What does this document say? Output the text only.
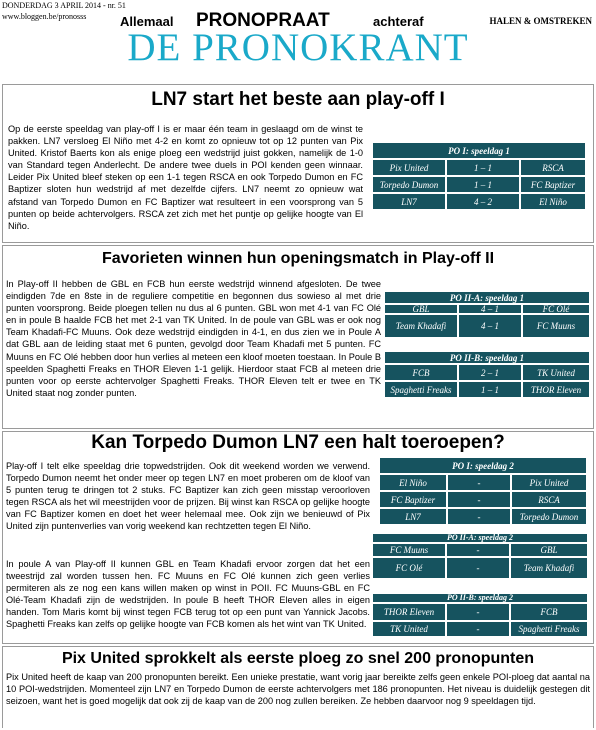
DONDERDAG 3 APRIL 2014 - nr. 51
www.bloggen.be/pronosss	Allemaal PRONOPRAAT	achteraf	HALEN & OMSTREKEN
DE PRONOKRANT
LN7 start het beste aan play-off I
Op de eerste speeldag van play-off I is er maar één team in geslaagd om de winst te pakken. LN7 versloeg El Niño met 4-2 en komt zo opnieuw tot op 12 punten van Pix United. Kristof Baerts kon als enige ploeg een wedstrijd juist gokken, namelijk de 1-0 van Standard tegen Anderlecht. De andere twee duels in POI kenden geen winnaar. Leider Pix United bleef steken op een 1-1 tegen RSCA en ook Torpedo Dumon en FC Baptizer sloten hun wedstrijd af met dezelfde cijfers. LN7 neemt zo opnieuw wat afstand van Torpedo Dumon en FC Baptizer wat resulteert in een voorsprong van 5 punten op beide achtervolgers. RSCA zet zich met het puntje op gelijke hoogte van El Niño.
PO I: speeldag 1		
Pix United	1 – 1	RSCA
Torpedo Dumon	1 – 1	FC Baptizer
LN7	4 – 2	El Niño
Favorieten winnen hun openingsmatch in Play-off II
In Play-off II hebben de GBL en FCB hun eerste wedstrijd winnend afgesloten. De twee eindigden 7de en 8ste in de reguliere competitie en begonnen dus sowieso al met drie punten voorsprong. Beide ploegen tellen nu dus al 6 punten. GBL won met 4-1 van FC Olé en in poule B haalde FCB het met 2-1 van TK United. In de poule van GBL was er ook nog Team Khadafi-FC Muuns. Ook deze wedstrijd eindigden in 4-1, en dus zien we in Poule A dat GBL aan de leiding staat met 6 punten, gevolgd door Team Khadafi met 5 punten. FC Muuns en FC Olé hebben door hun verlies al meteen een kloof moeten toestaan. In Poule B speelden Spaghetti Freaks en THOR Eleven 1-1 gelijk. Hierdoor staat FCB al meteen drie punten voor op eerste achtervolger Spaghetti Freaks. THOR Eleven telt er twee en TK United staat nog zonder punten.
PO II-A: speeldag 1		
GBL	4 – 1	FC Olé
Team Khadafi	4 – 1	FC Muuns
PO II-B: speeldag 1		
FCB	2 – 1	TK United
Spaghetti Freaks	1 – 1	THOR Eleven
Kan Torpedo Dumon LN7 een halt toeroepen?
Play-off I telt elke speeldag drie topwedstrijden. Ook dit weekend worden we verwend. Torpedo Dumon neemt het onder meer op tegen LN7 en moet proberen om de kloof van 5 punten terug te dringen tot 2 stuks. FC Baptizer kan zich geen misstap veroorloven tegen RSCA als het wil meestrijden voor de prijzen. Bij winst kan RSCA op gelijke hoogte van FC Baptizer komen en doet het weer helemaal mee. Ook zijn we benieuwd of Pix United zijn puntenverlies van vorig weekend kan rechtzetten tegen El Niño.
In poule A van Play-off II kunnen GBL en Team Khadafi ervoor zorgen dat het een tweestrijd zal worden tussen hen. FC Muuns en FC Olé kunnen zich geen verlies permiteren als ze nog een kans willen maken op winst in POII. FC Muuns-GBL en FC Olé-Team Khadafi zijn de wedstrijden. In poule B heeft THOR Eleven alles in eigen handen. Tom Maris komt bij winst tegen FCB terug tot op een punt van Yannick Jacobs. Spaghetti Freaks kan zelfs op gelijke hoogte van FCB komen als het wint van TK United.
PO I: speeldag 2		
El Niño	-	Pix United
FC Baptizer	-	RSCA
LN7	-	Torpedo Dumon
PO II-A: speeldag 2		
FC Muuns	-	GBL
FC Olé	-	Team Khadafi
PO II-B: speeldag 2		
THOR Eleven	-	FCB
TK United	-	Spaghetti Freaks
Pix United sprokkelt als eerste ploeg zo snel 200 pronopunten
Pix United heeft de kaap van 200 pronopunten bereikt. Een unieke prestatie, want vorig jaar bereikte zelfs geen enkele POI-ploeg dat aantal na 10 POI-wedstrijden. Momenteel zijn LN7 en Torpedo Dumon de eerste achtervolgers met 186 pronopunten. Het niveau is duidelijk gestegen dit seizoen, want het is goed mogelijk dat ook zij de kaap van de 200 nog zullen bereiken. Ze hebben daarvoor nog 9 speeldagen tijd.
